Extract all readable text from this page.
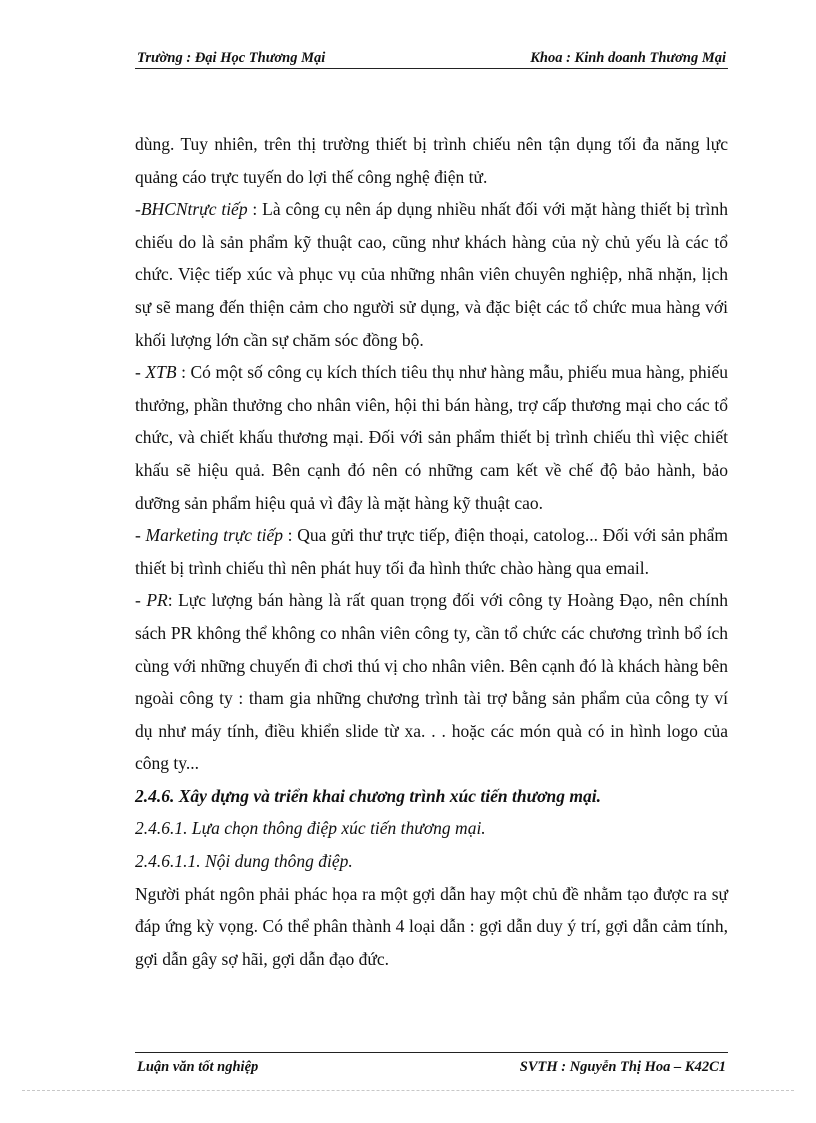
Trường : Đại Học Thương Mại	Khoa : Kinh doanh Thương Mại

dùng. Tuy nhiên, trên thị trường thiết bị trình chiếu nên tận dụng tối đa năng lực quảng cáo trực tuyến do lợi thế công nghệ điện tử.

-BHCNtrực tiếp : Là công cụ nên áp dụng nhiều nhất đối với mặt hàng thiết bị trình chiếu do là sản phẩm kỹ thuật cao, cũng như khách hàng của nỳ chủ yếu là các tổ chức. Việc tiếp xúc và phục vụ của những nhân viên chuyên nghiệp, nhã nhặn, lịch sự sẽ mang đến thiện cảm cho người sử dụng, và đặc biệt các tổ chức mua hàng với khối lượng lớn cần sự chăm sóc đồng bộ.

- XTB : Có một số công cụ kích thích tiêu thụ như hàng mẫu, phiếu mua hàng, phiếu thưởng, phần thưởng cho nhân viên, hội thi bán hàng, trợ cấp thương mại cho các tổ chức, và chiết khấu thương mại. Đối với sản phẩm thiết bị trình chiếu thì việc chiết khấu sẽ hiệu quả. Bên cạnh đó nên có những cam kết về chế độ bảo hành, bảo dưỡng sản phẩm hiệu quả vì đây là mặt hàng kỹ thuật cao.

- Marketing trực tiếp : Qua gửi thư trực tiếp, điện thoại, catolog... Đối với sản phẩm thiết bị trình chiếu thì nên phát huy tối đa hình thức chào hàng qua email.

- PR: Lực lượng bán hàng là rất quan trọng đối với công ty Hoàng Đạo, nên chính sách PR không thể không co nhân viên công ty, cần tổ chức các chương trình bổ ích cùng với những chuyến đi chơi thú vị cho nhân viên. Bên cạnh đó là khách hàng bên ngoài công ty : tham gia những chương trình tài trợ bằng sản phẩm của công ty ví dụ như máy tính, điều khiển slide từ xa. . . hoặc các món quà có in hình logo của công ty...

2.4.6. Xây dựng và triển khai chương trình xúc tiến thương mại.

2.4.6.1. Lựa chọn thông điệp xúc tiến thương mại.

2.4.6.1.1. Nội dung thông điệp.

Người phát ngôn phải phác họa ra một gợi dẫn hay một chủ đề nhằm tạo được ra sự đáp ứng kỳ vọng. Có thể phân thành 4 loại dẫn : gợi dẫn duy ý trí, gợi dẫn cảm tính, gợi dẫn gây sợ hãi, gợi dẫn đạo đức.

Luận văn tốt nghiệp	SVTH : Nguyễn Thị Hoa – K42C1
